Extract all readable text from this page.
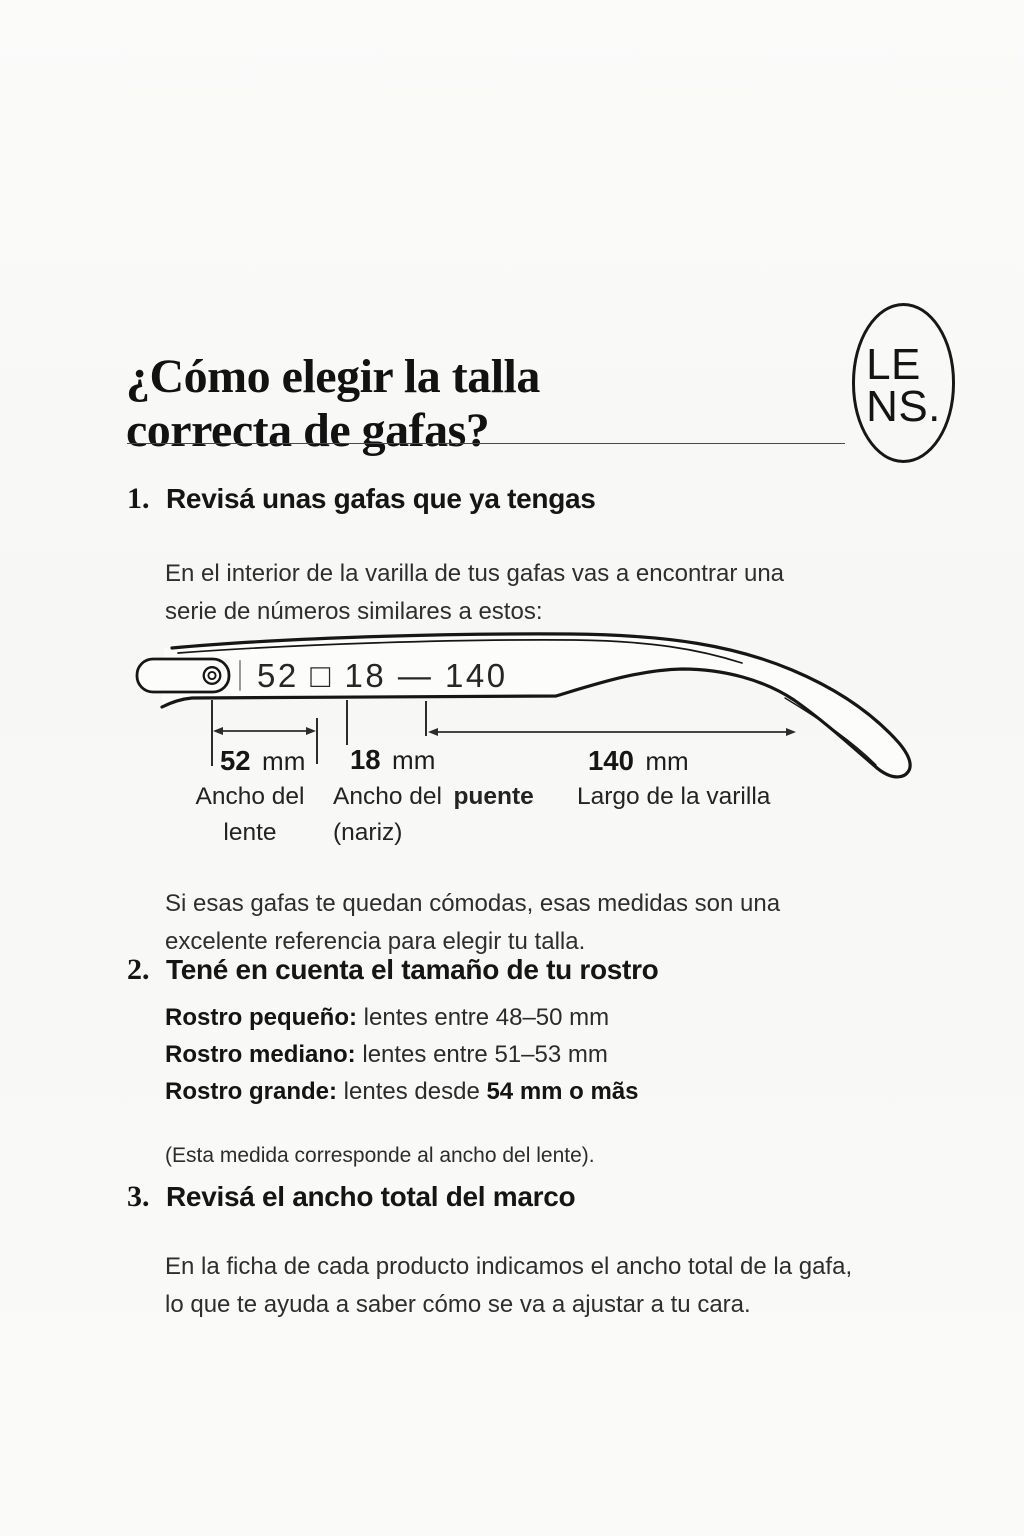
¿Cómo elegir la talla
correcta de gafas?
LE
NS.
1. Revisá unas gafas que ya tengas

En el interior de la varilla de tus gafas vas a encontrar una
serie de números similares a estos:

52 □ 18 — 140
52 mm 18 mm	140 mm
Ancho del
lente
Ancho del puente
(nariz)
Largo de la varilla

Si esas gafas te quedan cómodas, esas medidas son una
excelente referencia para elegir tu talla.

2. Tené en cuenta el tamaño de tu rostro
Rostro pequeño: lentes entre 48–50 mm
Rostro mediano: lentes entre 51–53 mm
Rostro grande: lentes desde 54 mm o mãs

(Esta medida corresponde al ancho del lente).

3. Revisá el ancho total del marco

En la ficha de cada producto indicamos el ancho total de la gafa,
lo que te ayuda a saber cómo se va a ajustar a tu cara.
